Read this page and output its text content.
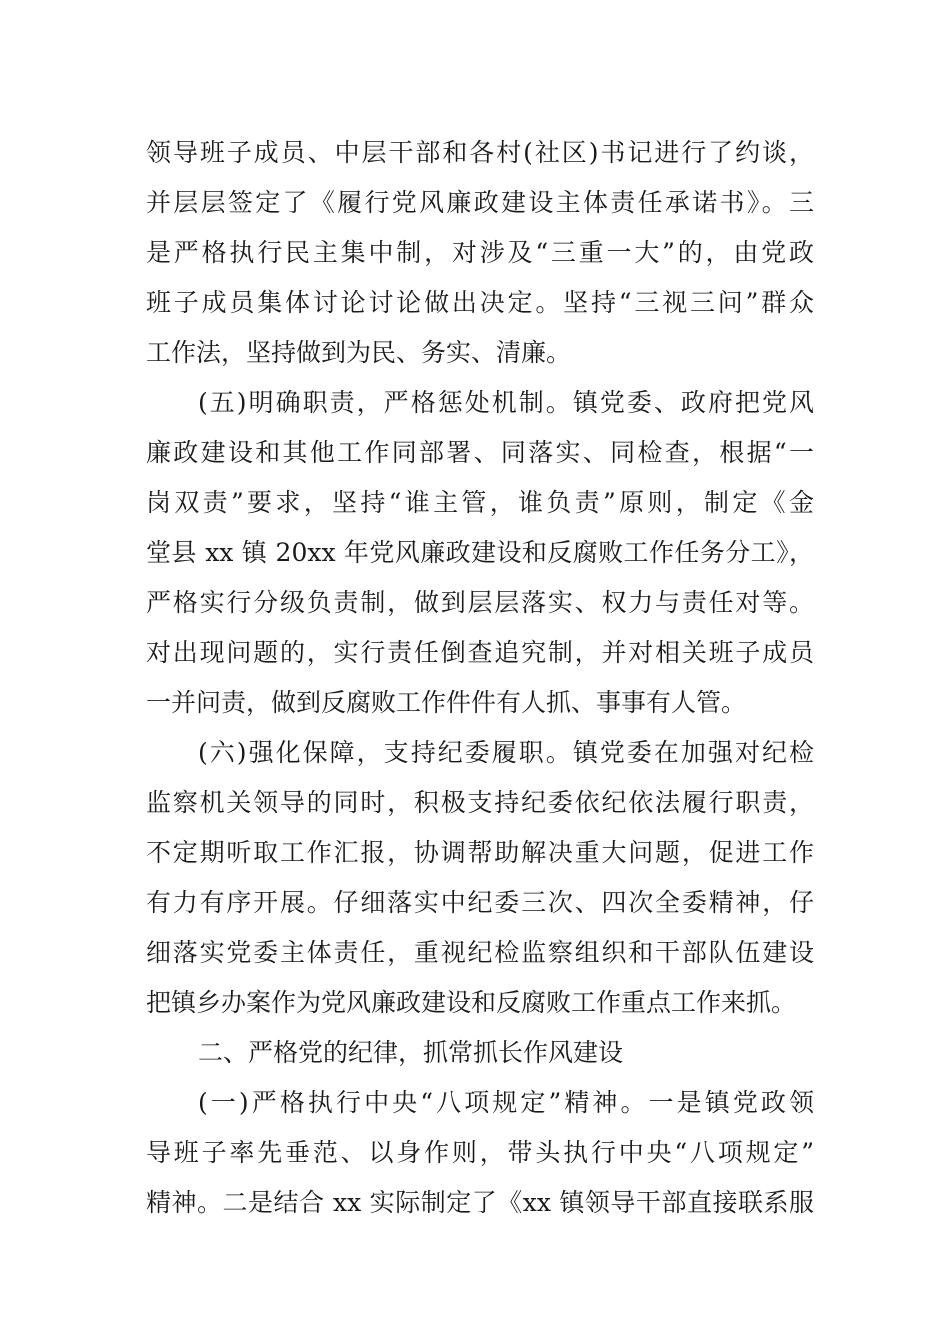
领导班子成员、中层干部和各村(社区)书记进行了约谈，
并层层签定了《履行党风廉政建设主体责任承诺书》。三
是严格执行民主集中制，对涉及“三重一大”的，由党政
班子成员集体讨论讨论做出决定。坚持“三视三问”群众
工作法，坚持做到为民、务实、清廉。
(五)明确职责，严格惩处机制。镇党委、政府把党风
廉政建设和其他工作同部署、同落实、同检查，根据“一
岗双责”要求，坚持“谁主管，谁负责”原则，制定《金
堂县 xx 镇 20xx 年党风廉政建设和反腐败工作任务分工》，
严格实行分级负责制，做到层层落实、权力与责任对等。
对出现问题的，实行责任倒查追究制，并对相关班子成员
一并问责，做到反腐败工作件件有人抓、事事有人管。
(六)强化保障，支持纪委履职。镇党委在加强对纪检
监察机关领导的同时，积极支持纪委依纪依法履行职责，
不定期听取工作汇报，协调帮助解决重大问题，促进工作
有力有序开展。仔细落实中纪委三次、四次全委精神，仔
细落实党委主体责任，重视纪检监察组织和干部队伍建设
把镇乡办案作为党风廉政建设和反腐败工作重点工作来抓。
二、严格党的纪律，抓常抓长作风建设
(一)严格执行中央“八项规定”精神。一是镇党政领
导班子率先垂范、以身作则，带头执行中央“八项规定”
精神。二是结合 xx 实际制定了《xx 镇领导干部直接联系服
